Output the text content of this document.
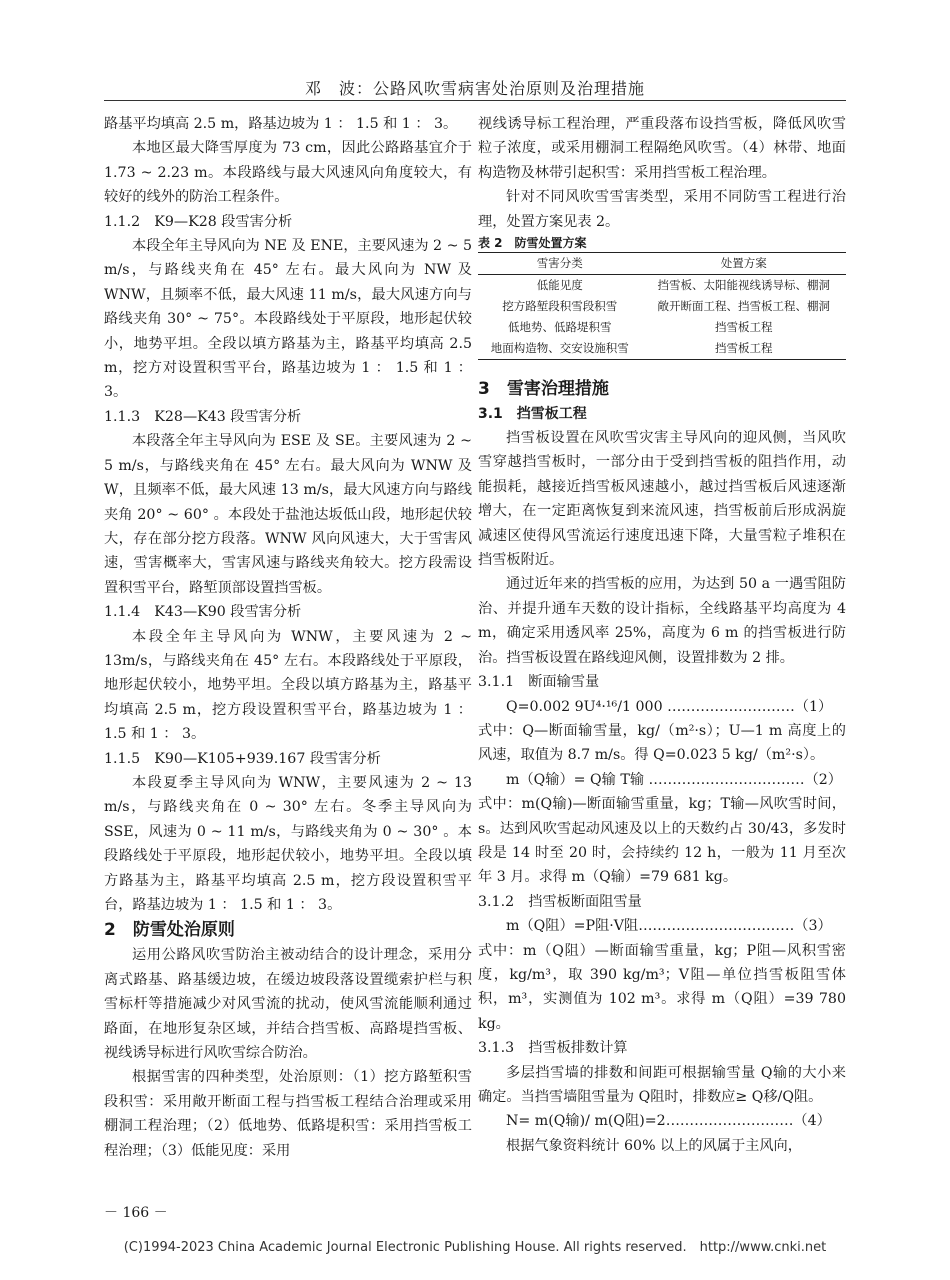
邓　波：公路风吹雪病害处治原则及治理措施

路基平均填高 2.5 m，路基边坡为 1 ： 1.5 和 1 ： 3。

本地区最大降雪厚度为 73 cm，因此公路路基宜介于 1.73 ~ 2.23 m。本段路线与最大风速风向角度较大，有较好的线外的防治工程条件。

1.1.2　K9—K28 段雪害分析

本段全年主导风向为 NE 及 ENE，主要风速为 2 ~ 5 m/s，与路线夹角在 45° 左右。最大风向为 NW 及 WNW，且频率不低，最大风速 11 m/s，最大风速方向与路线夹角 30° ~ 75°。本段路线处于平原段，地形起伏较小，地势平坦。全段以填方路基为主，路基平均填高 2.5 m，挖方对设置积雪平台，路基边坡为 1 ： 1.5 和 1 ： 3。

1.1.3　K28—K43 段雪害分析

本段落全年主导风向为 ESE 及 SE。主要风速为 2 ~ 5 m/s，与路线夹角在 45° 左右。最大风向为 WNW 及 W，且频率不低，最大风速 13 m/s，最大风速方向与路线夹角 20° ~ 60° 。本段处于盐池达坂低山段，地形起伏较大，存在部分挖方段落。WNW 风向风速大，大于雪害风速，雪害概率大，雪害风速与路线夹角较大。挖方段需设置积雪平台，路堑顶部设置挡雪板。

1.1.4　K43—K90 段雪害分析

本段全年主导风向为 WNW，主要风速为 2 ~ 13m/s，与路线夹角在 45° 左右。本段路线处于平原段，地形起伏较小，地势平坦。全段以填方路基为主，路基平均填高 2.5 m，挖方段设置积雪平台，路基边坡为 1 ： 1.5 和 1 ： 3。

1.1.5　K90—K105+939.167 段雪害分析

本段夏季主导风向为 WNW，主要风速为 2 ~ 13 m/s，与路线夹角在 0 ~ 30° 左右。冬季主导风向为 SSE，风速为 0 ~ 11 m/s，与路线夹角为 0 ~ 30° 。本段路线处于平原段，地形起伏较小，地势平坦。全段以填方路基为主，路基平均填高 2.5 m，挖方段设置积雪平台，路基边坡为 1 ： 1.5 和 1 ： 3。

2　防雪处治原则

运用公路风吹雪防治主被动结合的设计理念，采用分离式路基、路基缓边坡，在缓边坡段落设置缆索护栏与积雪标杆等措施减少对风雪流的扰动，使风雪流能顺利通过路面，在地形复杂区域，并结合挡雪板、高路堤挡雪板、视线诱导标进行风吹雪综合防治。

根据雪害的四种类型，处治原则：（1）挖方路堑积雪段积雪：采用敞开断面工程与挡雪板工程结合治理或采用棚洞工程治理；（2）低地势、低路堤积雪：采用挡雪板工程治理；（3）低能见度：采用

视线诱导标工程治理，严重段落布设挡雪板，降低风吹雪粒子浓度，或采用棚洞工程隔绝风吹雪。（4）林带、地面构造物及林带引起积雪：采用挡雪板工程治理。

针对不同风吹雪雪害类型，采用不同防雪工程进行治理，处置方案见表 2。

表 2　防雪处置方案

雪害分类	处置方案
低能见度	挡雪板、太阳能视线诱导标、棚洞
挖方路堑段积雪段积雪	敞开断面工程、挡雪板工程、棚洞
低地势、低路堤积雪	挡雪板工程
地面构造物、交安设施积雪	挡雪板工程

3　雪害治理措施

3.1　挡雪板工程

挡雪板设置在风吹雪灾害主导风向的迎风侧，当风吹雪穿越挡雪板时，一部分由于受到挡雪板的阻挡作用，动能损耗，越接近挡雪板风速越小，越过挡雪板后风速逐渐增大，在一定距离恢复到来流风速，挡雪板前后形成涡旋减速区使得风雪流运行速度迅速下降，大量雪粒子堆积在挡雪板附近。

通过近年来的挡雪板的应用，为达到 50 a 一遇雪阻防治、并提升通车天数的设计指标，全线路基平均高度为 4 m，确定采用透风率 25%，高度为 6 m 的挡雪板进行防治。挡雪板设置在路线迎风侧，设置排数为 2 排。

3.1.1　断面输雪量

Q=0.002 9U⁴·¹⁶/1 000 ………………………（1）

式中：Q—断面输雪量，kg/（m²·s）；U—1 m 高度上的风速，取值为 8.7 m/s。得 Q=0.023 5 kg/（m²·s）。

m（Q输）= Q输 T输 ……………………………（2）

式中：m(Q输)—断面输雪重量，kg；T输—风吹雪时间，s。达到风吹雪起动风速及以上的天数约占 30/43，多发时段是 14 时至 20 时，会持续约 12 h，一般为 11 月至次年 3 月。求得 m（Q输）=79 681 kg。

3.1.2　挡雪板断面阻雪量

m（Q阻）=P阻·V阻……………………………（3）

式中：m（Q阻）—断面输雪重量，kg；P阻—风积雪密度，kg/m³，取 390 kg/m³；V阻—单位挡雪板阻雪体积，m³，实测值为 102 m³。求得 m（Q阻）=39 780 kg。

3.1.3　挡雪板排数计算

多层挡雪墙的排数和间距可根据输雪量 Q输的大小来确定。当挡雪墙阻雪量为 Q阻时，排数应≥ Q移/Q阻。

N= m(Q输)/ m(Q阻)=2………………………（4）

根据气象资料统计 60% 以上的风属于主风向，

－ 166 －
(C)1994-2023 China Academic Journal Electronic Publishing House. All rights reserved.　http://www.cnki.net
